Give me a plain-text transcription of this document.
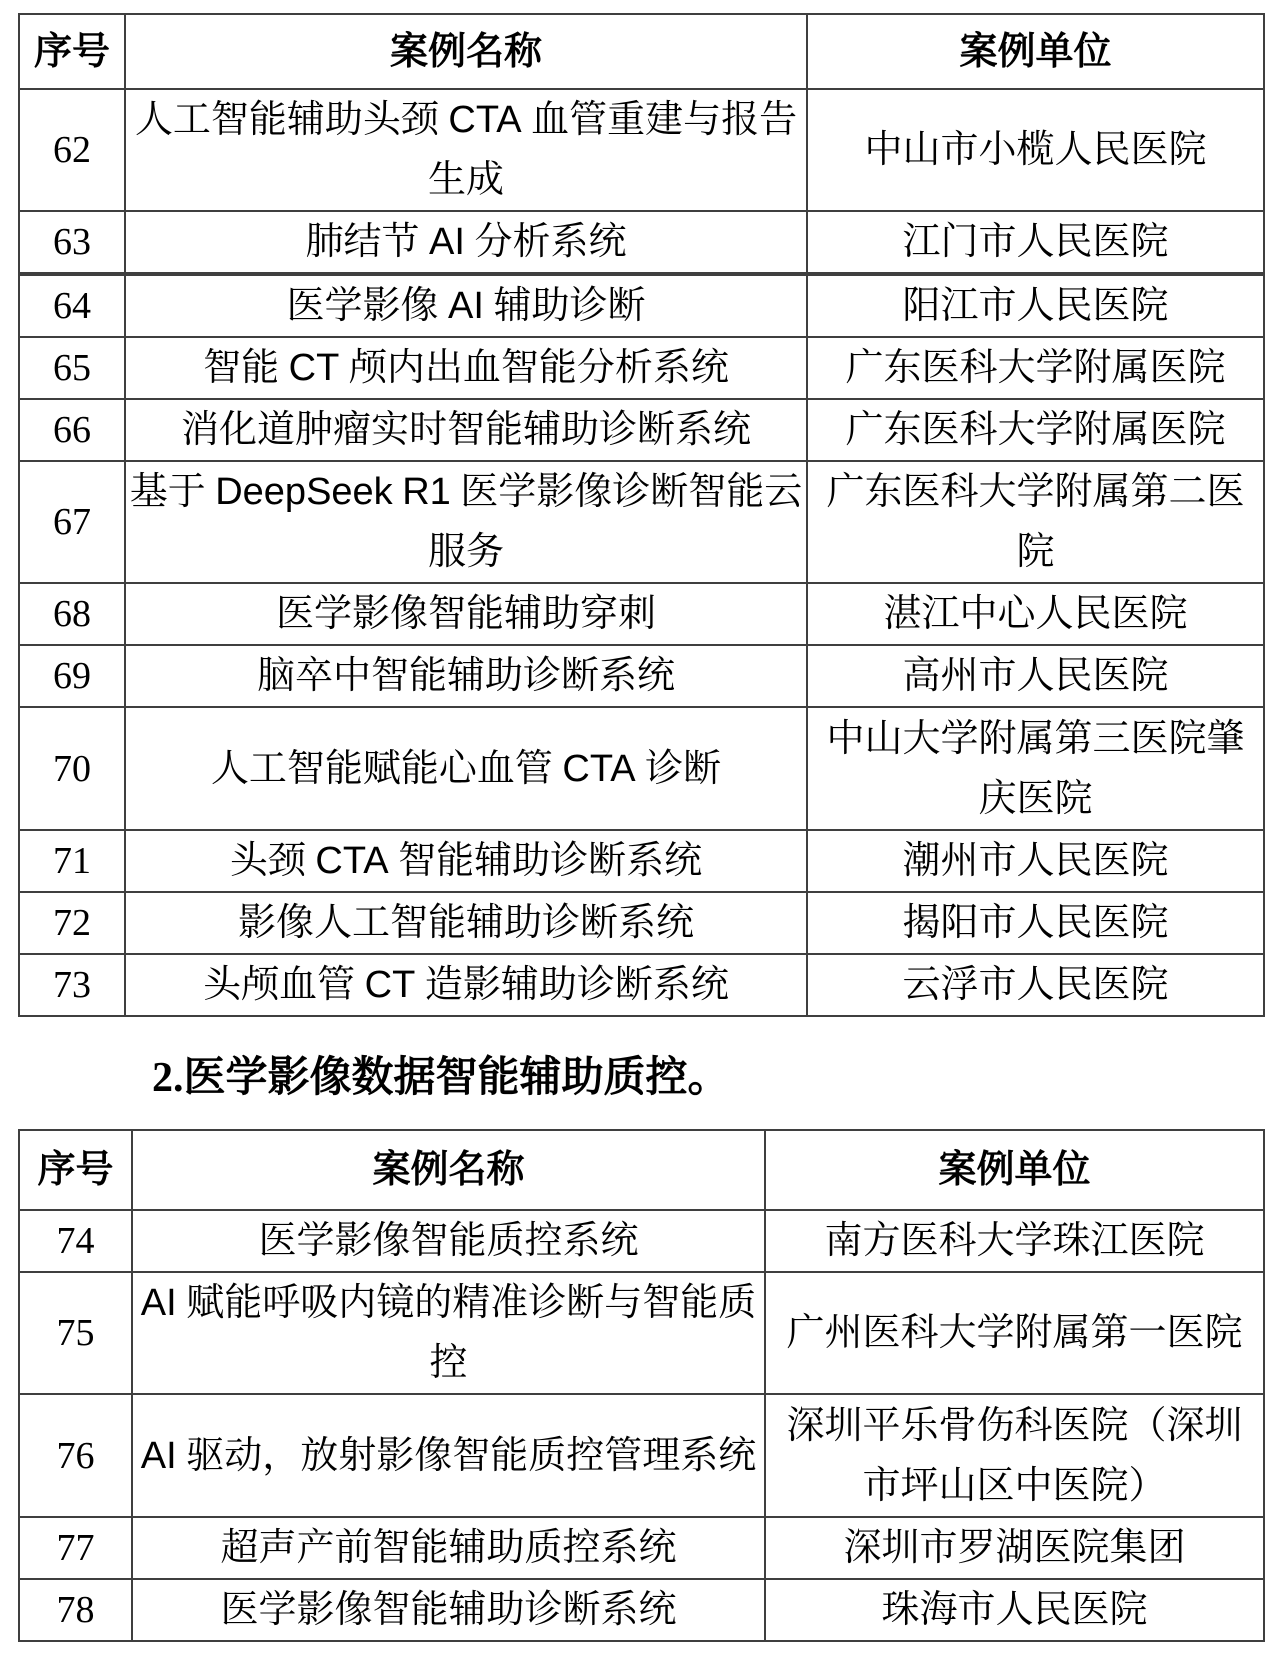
序号	案例名称	案例单位
62	人工智能辅助头颈 CTA 血管重建与报告生成	中山市小榄人民医院
63	肺结节 AI 分析系统	江门市人民医院
64	医学影像 AI 辅助诊断	阳江市人民医院
65	智能 CT 颅内出血智能分析系统	广东医科大学附属医院
66	消化道肿瘤实时智能辅助诊断系统	广东医科大学附属医院
67	基于 DeepSeek R1 医学影像诊断智能云服务	广东医科大学附属第二医院
68	医学影像智能辅助穿刺	湛江中心人民医院
69	脑卒中智能辅助诊断系统	高州市人民医院
70	人工智能赋能心血管 CTA 诊断	中山大学附属第三医院肇庆医院
71	头颈 CTA 智能辅助诊断系统	潮州市人民医院
72	影像人工智能辅助诊断系统	揭阳市人民医院
73	头颅血管 CT 造影辅助诊断系统	云浮市人民医院
2.医学影像数据智能辅助质控。
序号	案例名称	案例单位
74	医学影像智能质控系统	南方医科大学珠江医院
75	AI 赋能呼吸内镜的精准诊断与智能质控	广州医科大学附属第一医院
76	AI 驱动，放射影像智能质控管理系统	深圳平乐骨伤科医院（深圳市坪山区中医院）
77	超声产前智能辅助质控系统	深圳市罗湖医院集团
78	医学影像智能辅助诊断系统	珠海市人民医院
